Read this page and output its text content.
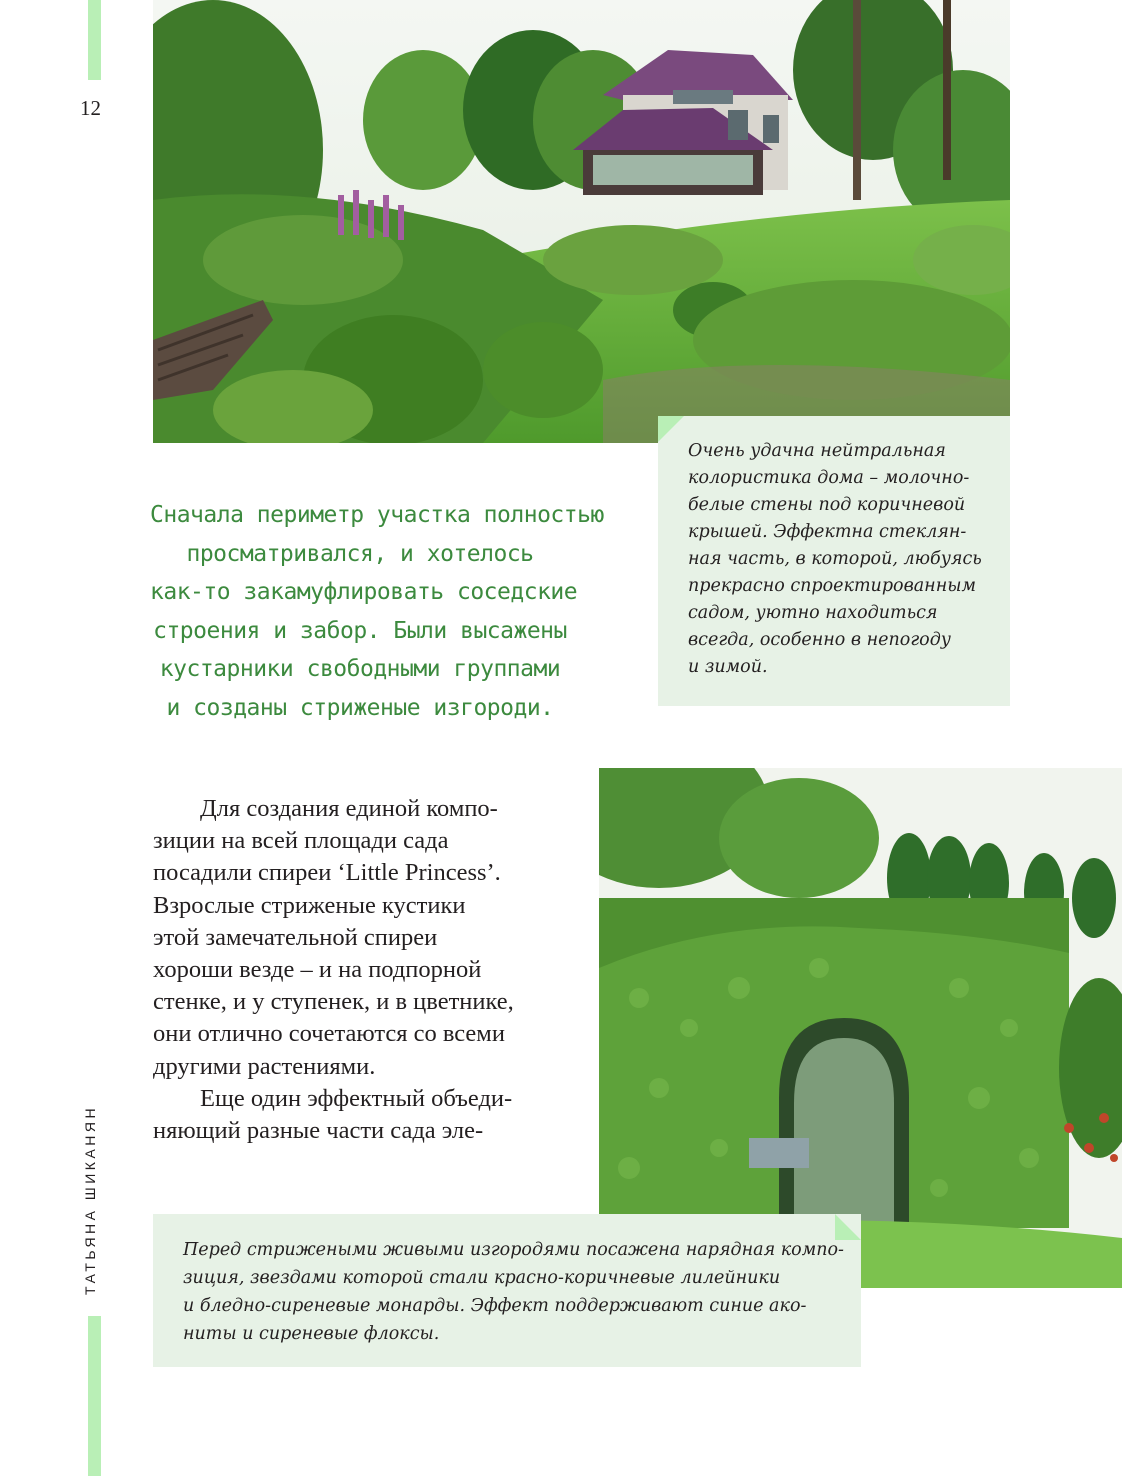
12
ТАТЬЯНА ШИКАНЯН
Очень удачна нейтральная
колористика дома – молочно-
белые стены под коричневой
крышей. Эффектна стеклян-
ная часть, в которой, любуясь
прекрасно спроектированным
садом, уютно находиться
всегда, особенно в непогоду
и зимой.
Сначала периметр участка полностью
просматривался, и хотелось
как-то закамуфлировать соседские
строения и забор. Были высажены
кустарники свободными группами
и созданы стриженые изгороди.
Для создания единой компо-
зиции на всей площади сада
посадили спиреи ‘Little Princess’.
Взрослые стриженые кустики
этой замечательной спиреи
хороши везде – и на подпорной
стенке, и у ступенек, и в цветнике,
они отлично сочетаются со всеми
другими растениями.
Еще один эффектный объеди-
няющий разные части сада эле-
Перед стрижеными живыми изгородями посажена нарядная компо-
зиция, звездами которой стали красно-коричневые лилейники
и бледно-сиреневые монарды. Эффект поддерживают синие ако-
ниты и сиреневые флоксы.
